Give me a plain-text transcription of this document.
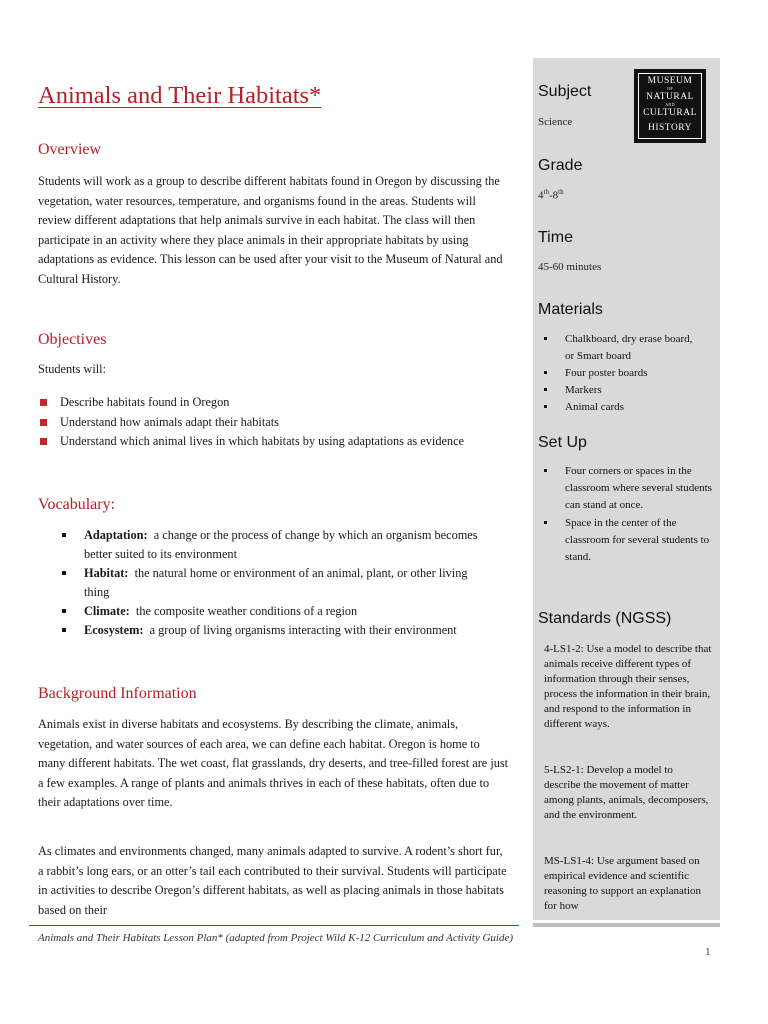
Animals and Their Habitats*
Overview

Students will work as a group to describe different habitats found in Oregon by discussing the vegetation, water resources, temperature, and organisms found in the areas. Students will review different adaptations that help animals survive in each habitat. The class will then participate in an activity where they place animals in their appropriate habitats by using adaptations as evidence. This lesson can be used after your visit to the Museum of Natural and Cultural History.

Objectives

Students will:

Describe habitats found in Oregon
Understand how animals adapt their habitats
Understand which animal lives in which habitats by using adaptations as evidence
Vocabulary:
Adaptation: a change or the process of change by which an organism becomes better suited to its environment
Habitat: the natural home or environment of an animal, plant, or other living thing
Climate: the composite weather conditions of a region
Ecosystem: a group of living organisms interacting with their environment
Background Information

Animals exist in diverse habitats and ecosystems. By describing the climate, animals, vegetation, and water sources of each area, we can define each habitat. Oregon is home to many different habitats. The wet coast, flat grasslands, dry deserts, and tree-filled forest are just a few examples. A range of plants and animals thrives in each of these habitats, often due to their adaptations over time.

As climates and environments changed, many animals adapted to survive. A rodent’s short fur, a rabbit’s long ears, or an otter’s tail each contributed to their survival. Students will participate in activities to describe Oregon’s different habitats, as well as placing animals in those habitats based on their

MUSEUM
OF
NATURAL
AND
CULTURAL
HISTORY
Subject

Science

Grade

4th-8th

Time

45-60 minutes

Materials
Chalkboard, dry erase board, or Smart board
Four poster boards
Markers
Animal cards
Set Up
Four corners or spaces in the classroom where several students can stand at once.
Space in the center of the classroom for several students to stand.
Standards (NGSS)

4-LS1-2: Use a model to describe that animals receive different types of information through their senses, process the information in their brain, and respond to the information in different ways.

5-LS2-1: Develop a model to describe the movement of matter among plants, animals, decomposers, and the environment.

MS-LS1-4: Use argument based on empirical evidence and scientific reasoning to support an explanation for how

Animals and Their Habitats Lesson Plan* (adapted from Project Wild K-12 Curriculum and Activity Guide)

1
